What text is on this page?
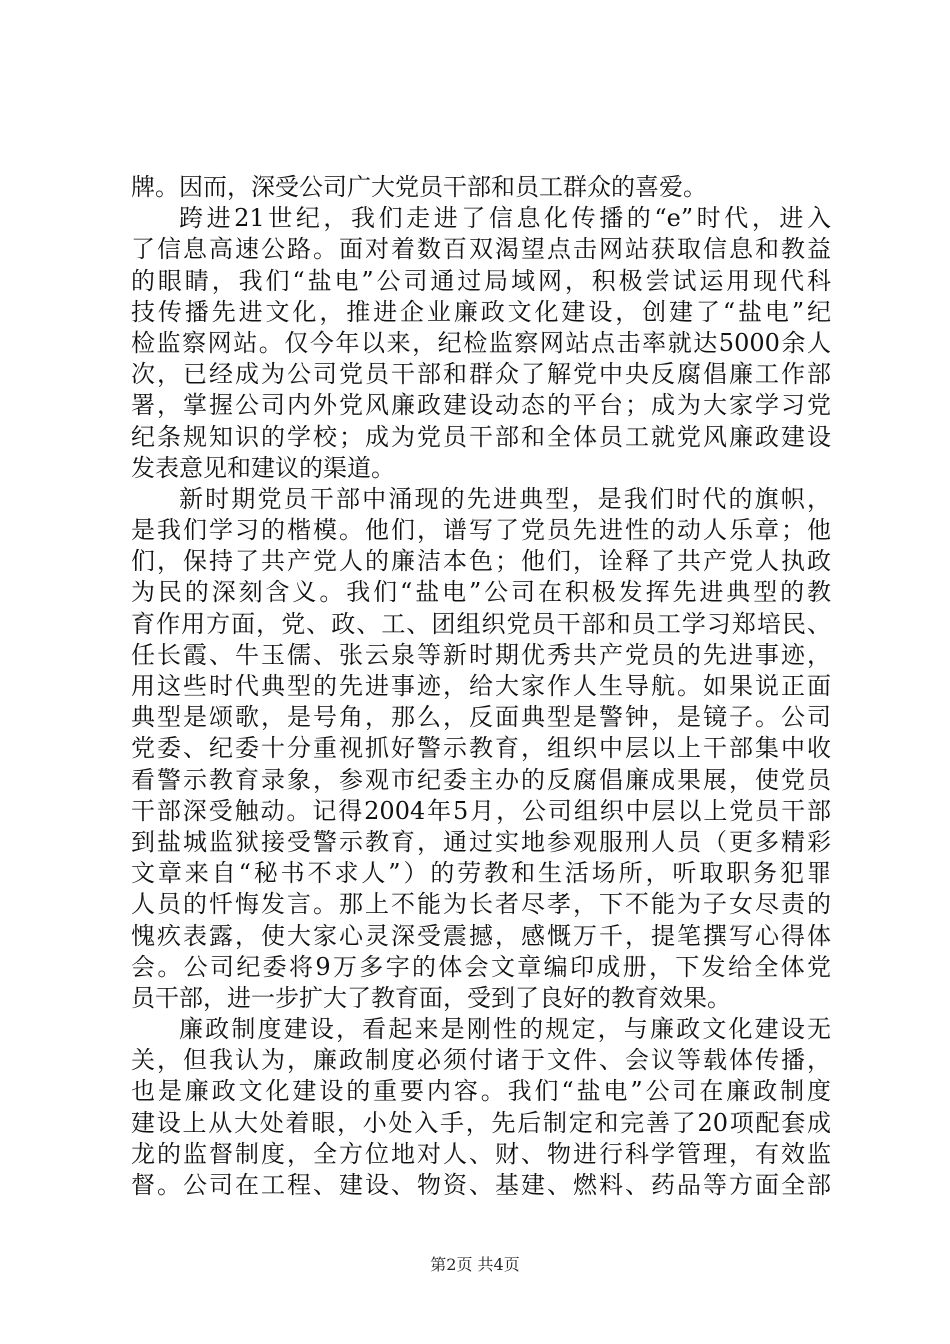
牌。因而，深受公司广大党员干部和员工群众的喜爱。
跨进21世纪，我们走进了信息化传播的“e”时代，进入
了信息高速公路。面对着数百双渴望点击网站获取信息和教益
的眼睛，我们“盐电”公司通过局域网，积极尝试运用现代科
技传播先进文化，推进企业廉政文化建设，创建了“盐电”纪
检监察网站。仅今年以来，纪检监察网站点击率就达5000余人
次，已经成为公司党员干部和群众了解党中央反腐倡廉工作部
署，掌握公司内外党风廉政建设动态的平台；成为大家学习党
纪条规知识的学校；成为党员干部和全体员工就党风廉政建设
发表意见和建议的渠道。
新时期党员干部中涌现的先进典型，是我们时代的旗帜，
是我们学习的楷模。他们，谱写了党员先进性的动人乐章；他
们，保持了共产党人的廉洁本色；他们，诠释了共产党人执政
为民的深刻含义。我们“盐电”公司在积极发挥先进典型的教
育作用方面，党、政、工、团组织党员干部和员工学习郑培民、
任长霞、牛玉儒、张云泉等新时期优秀共产党员的先进事迹，
用这些时代典型的先进事迹，给大家作人生导航。如果说正面
典型是颂歌，是号角，那么，反面典型是警钟，是镜子。公司
党委、纪委十分重视抓好警示教育，组织中层以上干部集中收
看警示教育录象，参观市纪委主办的反腐倡廉成果展，使党员
干部深受触动。记得2004年5月，公司组织中层以上党员干部
到盐城监狱接受警示教育，通过实地参观服刑人员（更多精彩
文章来自“秘书不求人”）的劳教和生活场所，听取职务犯罪
人员的忏悔发言。那上不能为长者尽孝，下不能为子女尽责的
愧疚表露，使大家心灵深受震撼，感慨万千，提笔撰写心得体
会。公司纪委将9万多字的体会文章编印成册，下发给全体党
员干部，进一步扩大了教育面，受到了良好的教育效果。
廉政制度建设，看起来是刚性的规定，与廉政文化建设无
关，但我认为，廉政制度必须付诸于文件、会议等载体传播，
也是廉政文化建设的重要内容。我们“盐电”公司在廉政制度
建设上从大处着眼，小处入手，先后制定和完善了20项配套成
龙的监督制度，全方位地对人、财、物进行科学管理，有效监
督。公司在工程、建设、物资、基建、燃料、药品等方面全部
第2页 共4页
